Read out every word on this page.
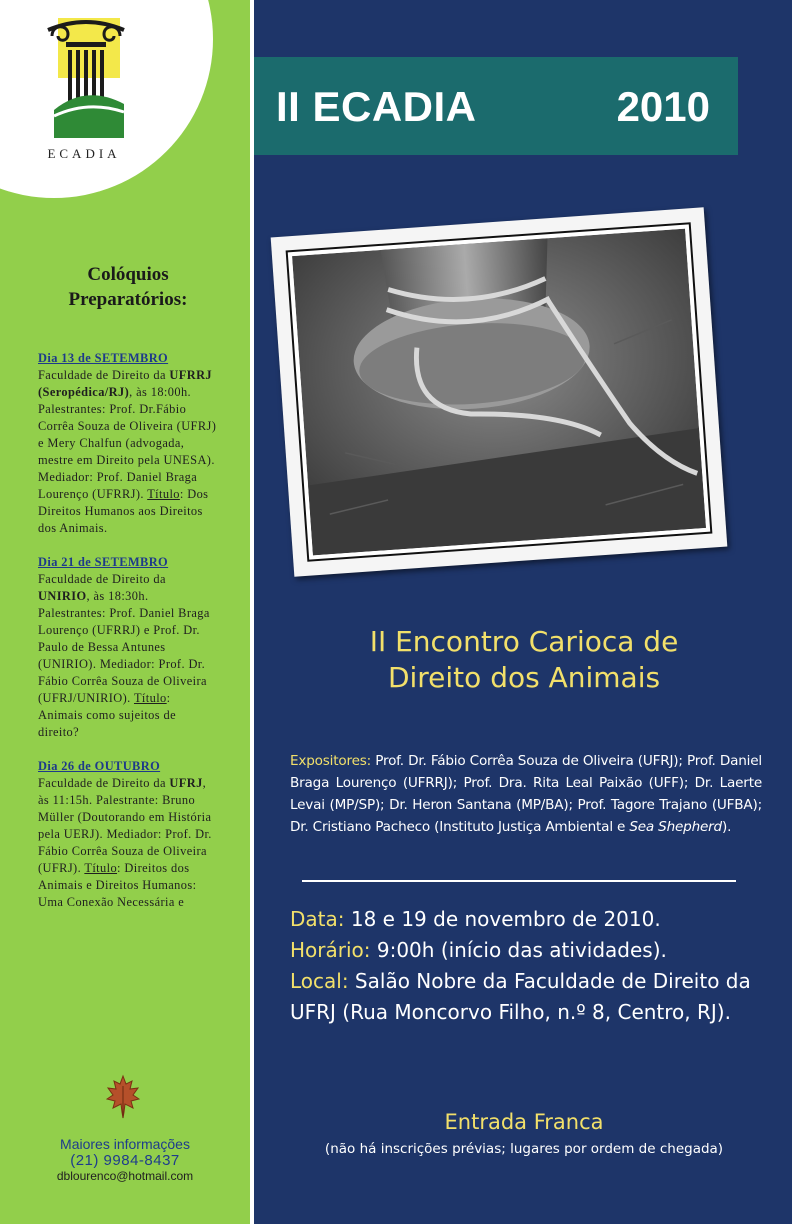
ECADIA
Colóquios
Preparatórios:
Dia 13 de SETEMBRO
Faculdade de Direito da UFRRJ (Seropédica/RJ), às 18:00h. Palestrantes: Prof. Dr.Fábio Corrêa Souza de Oliveira (UFRJ) e Mery Chalfun (advogada, mestre em Direito pela UNESA). Mediador: Prof. Daniel Braga Lourenço (UFRRJ). Título: Dos Direitos Humanos aos Direitos dos Animais.
Dia 21 de SETEMBRO
Faculdade de Direito da UNIRIO, às 18:30h. Palestrantes: Prof. Daniel Braga Lourenço (UFRRJ) e Prof. Dr. Paulo de Bessa Antunes (UNIRIO). Mediador: Prof. Dr. Fábio Corrêa Souza de Oliveira (UFRJ/UNIRIO). Título: Animais como sujeitos de direito?
Dia 26 de OUTUBRO
Faculdade de Direito da UFRJ, às 11:15h. Palestrante: Bruno Müller (Doutorando em História pela UERJ). Mediador: Prof. Dr. Fábio Corrêa Souza de Oliveira (UFRJ). Título: Direitos dos Animais e Direitos Humanos: Uma Conexão Necessária e
Maiores informações
(21) 9984-8437
dblourenco@hotmail.com
II ECADIA	2010
II Encontro Carioca de
Direito dos Animais
Expositores: Prof. Dr. Fábio Corrêa Souza de Oliveira (UFRJ); Prof. Daniel Braga Lourenço (UFRRJ); Prof. Dra. Rita Leal Paixão (UFF); Dr. Laerte Levai (MP/SP); Dr. Heron Santana (MP/BA); Prof. Tagore Trajano (UFBA); Dr. Cristiano Pacheco (Instituto Justiça Ambiental e Sea Shepherd).
Data: 18 e 19 de novembro de 2010.
Horário: 9:00h (início das atividades).
Local: Salão Nobre da Faculdade de Direito da UFRJ (Rua Moncorvo Filho, n.º 8, Centro, RJ).
Entrada Franca
(não há inscrições prévias; lugares por ordem de chegada)
